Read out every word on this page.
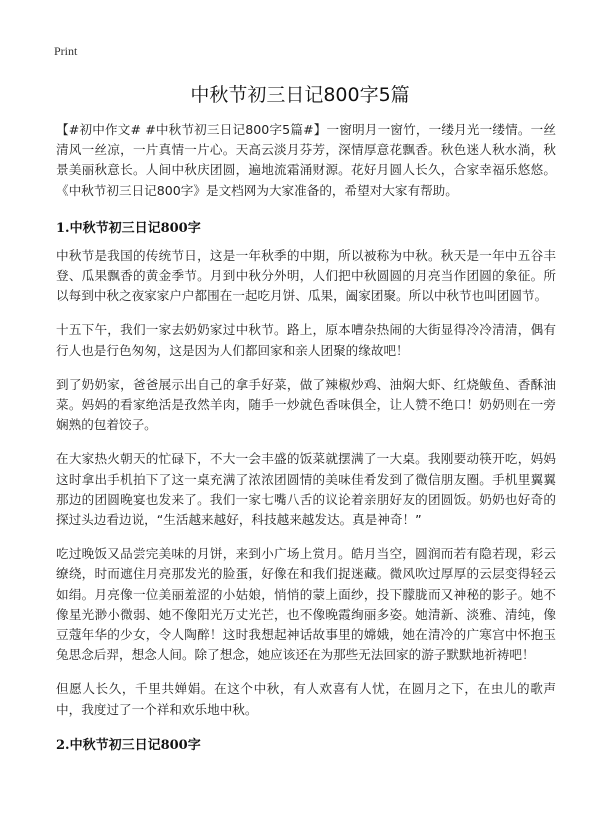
Print
中秋节初三日记800字5篇

【#初中作文# #中秋节初三日记800字5篇#】一窗明月一窗竹，一缕月光一缕情。一丝清风一丝凉，一片真情一片心。天高云淡月芬芳，深情厚意花飘香。秋色迷人秋水淌，秋景美丽秋意长。人间中秋庆团圆，遍地流霜涌财源。花好月圆人长久，合家幸福乐悠悠。《中秋节初三日记800字》是文档网为大家准备的，希望对大家有帮助。

1.中秋节初三日记800字

中秋节是我国的传统节日，这是一年秋季的中期，所以被称为中秋。秋天是一年中五谷丰登、瓜果飘香的黄金季节。月到中秋分外明，人们把中秋圆圆的月亮当作团圆的象征。所以每到中秋之夜家家户户都围在一起吃月饼、瓜果，阖家团聚。所以中秋节也叫团圆节。

十五下午，我们一家去奶奶家过中秋节。路上，原本嘈杂热闹的大街显得冷冷清清，偶有行人也是行色匆匆，这是因为人们都回家和亲人团聚的缘故吧！

到了奶奶家，爸爸展示出自己的拿手好菜，做了辣椒炒鸡、油焖大虾、红烧鲅鱼、香酥油菜。妈妈的看家绝活是孜然羊肉，随手一炒就色香味俱全，让人赞不绝口！奶奶则在一旁娴熟的包着饺子。

在大家热火朝天的忙碌下，不大一会丰盛的饭菜就摆满了一大桌。我刚要动筷开吃，妈妈这时拿出手机拍下了这一桌充满了浓浓团圆情的美味佳肴发到了微信朋友圈。手机里翼翼那边的团圆晚宴也发来了。我们一家七嘴八舌的议论着亲朋好友的团圆饭。奶奶也好奇的探过头边看边说，“生活越来越好，科技越来越发达。真是神奇！”

吃过晚饭又品尝完美味的月饼，来到小广场上赏月。皓月当空，圆润而若有隐若现，彩云缭绕，时而遮住月亮那发光的脸蛋，好像在和我们捉迷藏。微风吹过厚厚的云层变得轻云如绢。月亮像一位美丽羞涩的小姑娘，悄悄的蒙上面纱，投下朦胧而又神秘的影子。她不像星光渺小微弱、她不像阳光万丈光芒，也不像晚霞绚丽多姿。她清新、淡雅、清纯，像豆蔻年华的少女，令人陶醉！这时我想起神话故事里的嫦娥，她在清冷的广寒宫中怀抱玉兔思念后羿，想念人间。除了想念，她应该还在为那些无法回家的游子默默地祈祷吧！

但愿人长久，千里共婵娟。在这个中秋，有人欢喜有人忧，在圆月之下，在虫儿的歌声中，我度过了一个祥和欢乐地中秋。

2.中秋节初三日记800字
